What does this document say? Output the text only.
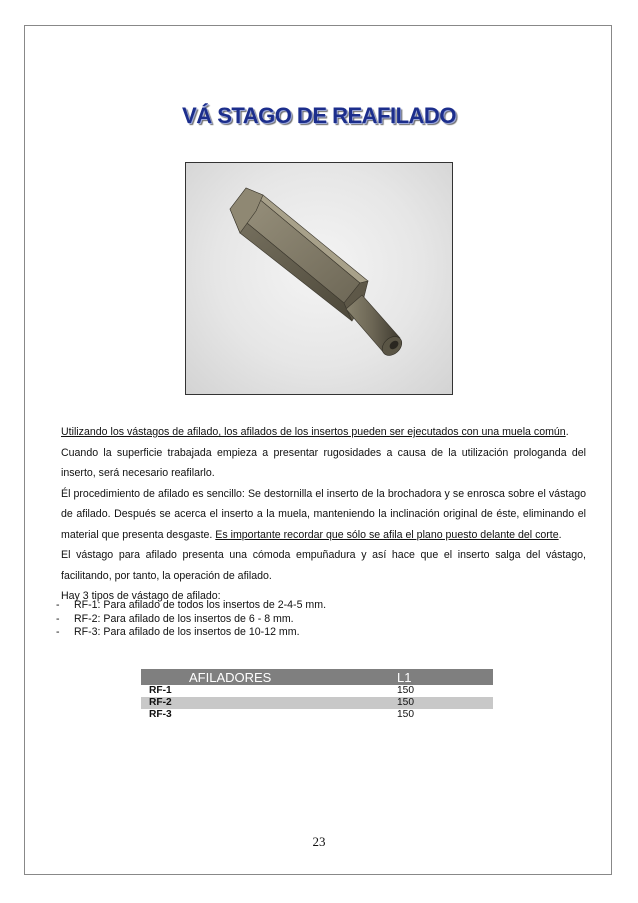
VÁ STAGO DE REAFILADO

Utilizando los vástagos de afilado, los afilados de los insertos pueden ser ejecutados con una muela común.

Cuando la superficie trabajada empieza a presentar rugosidades a causa de la utilización prologanda del inserto, será necesario reafilarlo.

Él procedimiento de afilado es sencillo: Se destornilla el inserto de la brochadora y se enrosca sobre el vástago de afilado. Después se acerca el inserto a la muela, manteniendo la inclinación original de éste, eliminando el material que presenta desgaste. Es importante recordar que sólo se afila el plano puesto delante del corte.

El vástago para afilado presenta una cómoda empuñadura y así hace que el inserto salga del vástago, facilitando, por tanto, la operación de afilado.

Hay 3 tipos de vástago de afilado:

- RF-1: Para afilado de todos los insertos de 2-4-5 mm.
- RF-2: Para afilado de los insertos de 6 - 8 mm.
- RF-3: Para afilado de los insertos de 10-12 mm.
AFILADORES	L1
RF-1	150
RF-2	150
RF-3	150
23
